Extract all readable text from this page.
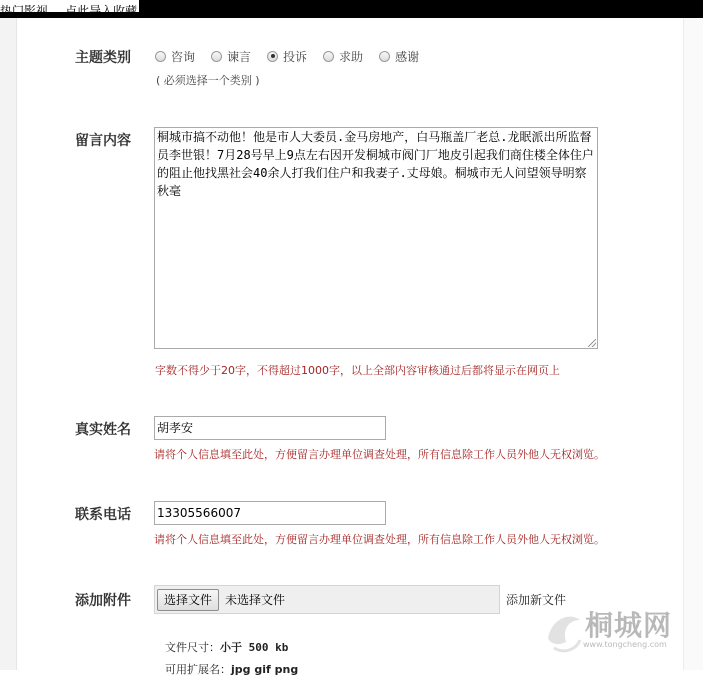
热门影视 点此导入收藏
主题类别	咨询	谏言	投诉	求助	感谢
( 必须选择一个类别 )
留言内容 桐城市搞不动他！他是市人大委员.金马房地产，白马瓶盖厂老总.龙眠派出所监督员李世银！7月28号早上9点左右因开发桐城市阀门厂地皮引起我们商住楼全体住户的阻止他找黑社会40余人打我们住户和我妻子.丈母娘。桐城市无人问望领导明察秋毫
字数不得少于20字，不得超过1000字，以上全部内容审核通过后都将显示在网页上
真实姓名 胡孝安
请将个人信息填至此处，方便留言办理单位调查处理，所有信息除工作人员外他人无权浏览。
联系电话 13305566007
请将个人信息填至此处，方便留言办理单位调查处理，所有信息除工作人员外他人无权浏览。
添加附件	选择文件	未选择文件	添加新文件
文件尺寸：小于 500 kb
可用扩展名：jpg gif png
桐城网
www.tongcheng.com
